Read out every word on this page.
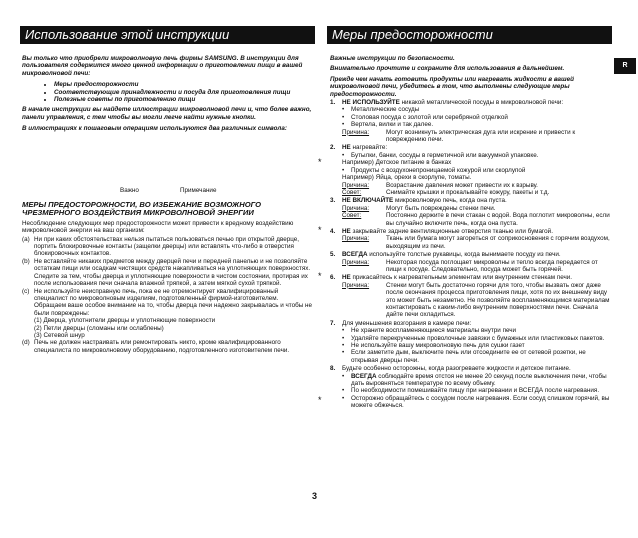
Использование этой инструкции	Меры предосторожности
R
Вы только что приобрели микроволновую печь фирмы SAMSUNG. В инструкции для пользователя содержится много ценной информации о приготовлении пищи в вашей микроволновой печи:
• Меры предосторожности
• Соответствующие принадлежности и посуда для приготовления пищи
• Полезные советы по приготовлению пищи
В начале инструкции вы найдете иллюстрации микроволновой печи и, что более важно, панели управления, с тем чтобы вы могли легче найти нужные кнопки.
В иллюстрациях к пошаговым операциям используются два различных символа:
Важно	Примечание
МЕРЫ ПРЕДОСТОРОЖНОСТИ, ВО ИЗБЕЖАНИЕ ВОЗМОЖНОГО ЧРЕЗМЕРНОГО ВОЗДЕЙСТВИЯ МИКРОВОЛНОВОЙ ЭНЕРГИИ
Несоблюдение следующих мер предосторожности может привести к вредному воздействию микроволновой энергии на ваш организм:
(a) Ни при каких обстоятельствах нельзя пытаться пользоваться печью при открытой дверце, портить блокировочные контакты (защелки дверцы) или вставлять что-либо в отверстия блокировочных контактов.
(b) Не вставляйте никаких предметов между дверцей печи и передней панелью и не позволяйте остаткам пищи или осадкам чистящих средств накапливаться на уплотняющих поверхностях. Следите за тем, чтобы дверца и уплотняющие поверхности в чистом состоянии, протирая их после использования печи сначала влажной тряпкой, а затем мягкой сухой тряпкой.
(c) Не используйте неисправную печь, пока ее не отремонтирует квалифицированный специалист по микроволновым изделиям, подготовленный фирмой-изготовителем.
Обращаем ваше особое внимание на то, чтобы дверца печи надежно закрывалась и чтобы не были повреждены:
(1) Дверца, уплотнители дверцы и уплотняющие поверхности
(2) Петли дверцы (сломаны или ослаблены)
(3) Сетевой шнур
(d) Печь не должен настраивать или ремонтировать никто, кроме квалифицированного специалиста по микроволновому оборудованию, подготовленного изготовителем печи.
Важные инструкции по безопасности.
Внимательно прочтите и сохраните для использования в дальнейшем.
Прежде чем начать готовить продукты или нагревать жидкости в вашей микроволновой печи, убедитесь в том, что выполнены следующие меры предосторожности.
1.	НЕ ИСПОЛЬЗУЙТЕ никакой металлической посуды в микроволновой печи:
•	Металлические сосуды
•	Столовая посуда с золотой или серебряной отделкой
•	Вертела, вилки и так далее.
Причина:	Могут возникнуть электрическая дуга или искрение и привести к повреждению печи.
2.	НЕ нагревайте:
•	Бутылки, банки, сосуды в герметичной или вакуумной упаковке.
Например) Детское питание в банках
•	Продукты с воздухонепроницаемой кожурой или скорлупой
Например) Яйца, орехи в скорлупе, томаты.
Причина:	Возрастание давления может привести их к взрыву.
Совет:	Снимайте крышки и прокалывайте кожуру, пакеты и т.д.
3.	НЕ ВКЛЮЧАЙТЕ микроволновую печь, когда она пуста.
Причина:	Могут быть повреждены стенки печи.
Совет:	Постоянно держите в печи стакан с водой. Вода поглотит микроволны, если вы случайно включите печь, когда она пуста.
4.	НЕ закрывайте задние вентиляционные отверстия тканью или бумагой.
Причина:	Ткань или бумага могут загореться от соприкосновения с горячим воздухом, выходящим из печи.
5.	ВСЕГДА используйте толстые рукавицы, когда вынимаете посуду из печи.
Причина:	Некоторая посуда поглощает микроволны и тепло всегда передается от пищи к посуде. Следовательно, посуда может быть горячей.
6.	НЕ прикасайтесь к нагревательным элементам или внутренним стенкам печи.
Причина:	Стенки могут быть достаточно горячи для того, чтобы вызвать ожог даже после окончания процесса приготовления пищи, хотя по их внешнему виду это может быть незаметно. Не позволяйте воспламеняющимся материалам контактировать с каким-либо внутренним поверхностями печи. Сначала дайте печи охладиться.
7.	Для уменьшения возгорания в камере печи:
•	Не храните воспламеняющиеся материалы внутри печи
•	Удаляйте перекрученные проволочные завязки с бумажных или пластиковых пакетов.
•	Не используйте вашу микроволновую печь для сушки газет
•	Если заметите дым, выключите печь или отсоедините ее от сетевой розетки, не открывая дверцы печи.
8.	Будьте особенно осторожны, когда разогреваете жидкости и детское питание.
•	ВСЕГДА соблюдайте время отстоя не менее 20 секунд после выключения печи, чтобы дать выровняться температуре по всему объему.
•	По необходимости помешивайте пищу при нагревании и ВСЕГДА после нагревания.
•	Осторожно обращайтесь с сосудом после нагревания. Если сосуд слишком горячий, вы можете обжечься.
*
*
*
*
3
